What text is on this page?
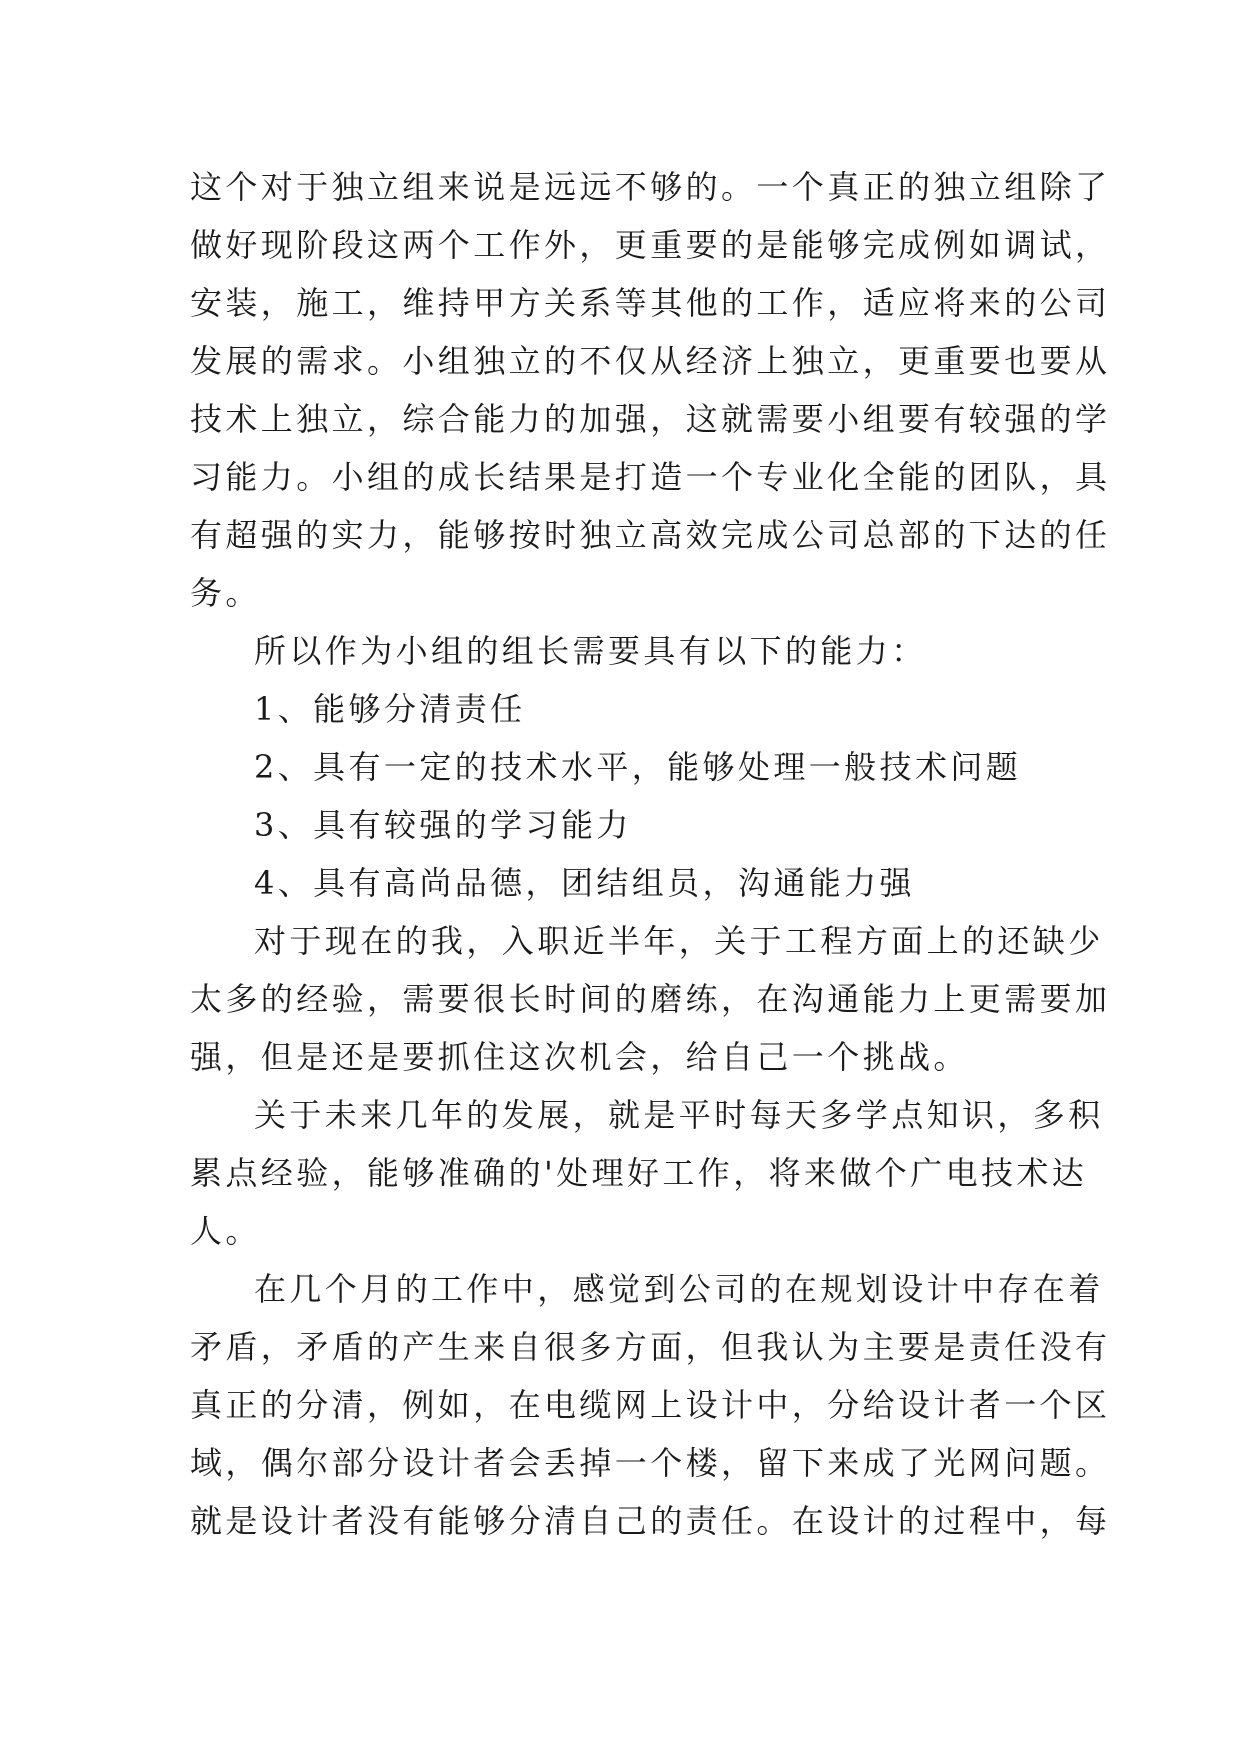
这个对于独立组来说是远远不够的。一个真正的独立组除了
做好现阶段这两个工作外，更重要的是能够完成例如调试，
安装，施工，维持甲方关系等其他的工作，适应将来的公司
发展的需求。小组独立的不仅从经济上独立，更重要也要从
技术上独立，综合能力的加强，这就需要小组要有较强的学
习能力。小组的成长结果是打造一个专业化全能的团队，具
有超强的实力，能够按时独立高效完成公司总部的下达的任
务。
所以作为小组的组长需要具有以下的能力：
1、能够分清责任
2、具有一定的技术水平，能够处理一般技术问题
3、具有较强的学习能力
4、具有高尚品德，团结组员，沟通能力强
对于现在的我，入职近半年，关于工程方面上的还缺少
太多的经验，需要很长时间的磨练，在沟通能力上更需要加
强，但是还是要抓住这次机会，给自己一个挑战。
关于未来几年的发展，就是平时每天多学点知识，多积
累点经验，能够准确的'处理好工作，将来做个广电技术达
人。
在几个月的工作中，感觉到公司的在规划设计中存在着
矛盾，矛盾的产生来自很多方面，但我认为主要是责任没有
真正的分清，例如，在电缆网上设计中，分给设计者一个区
域，偶尔部分设计者会丢掉一个楼，留下来成了光网问题。
就是设计者没有能够分清自己的责任。在设计的过程中，每
